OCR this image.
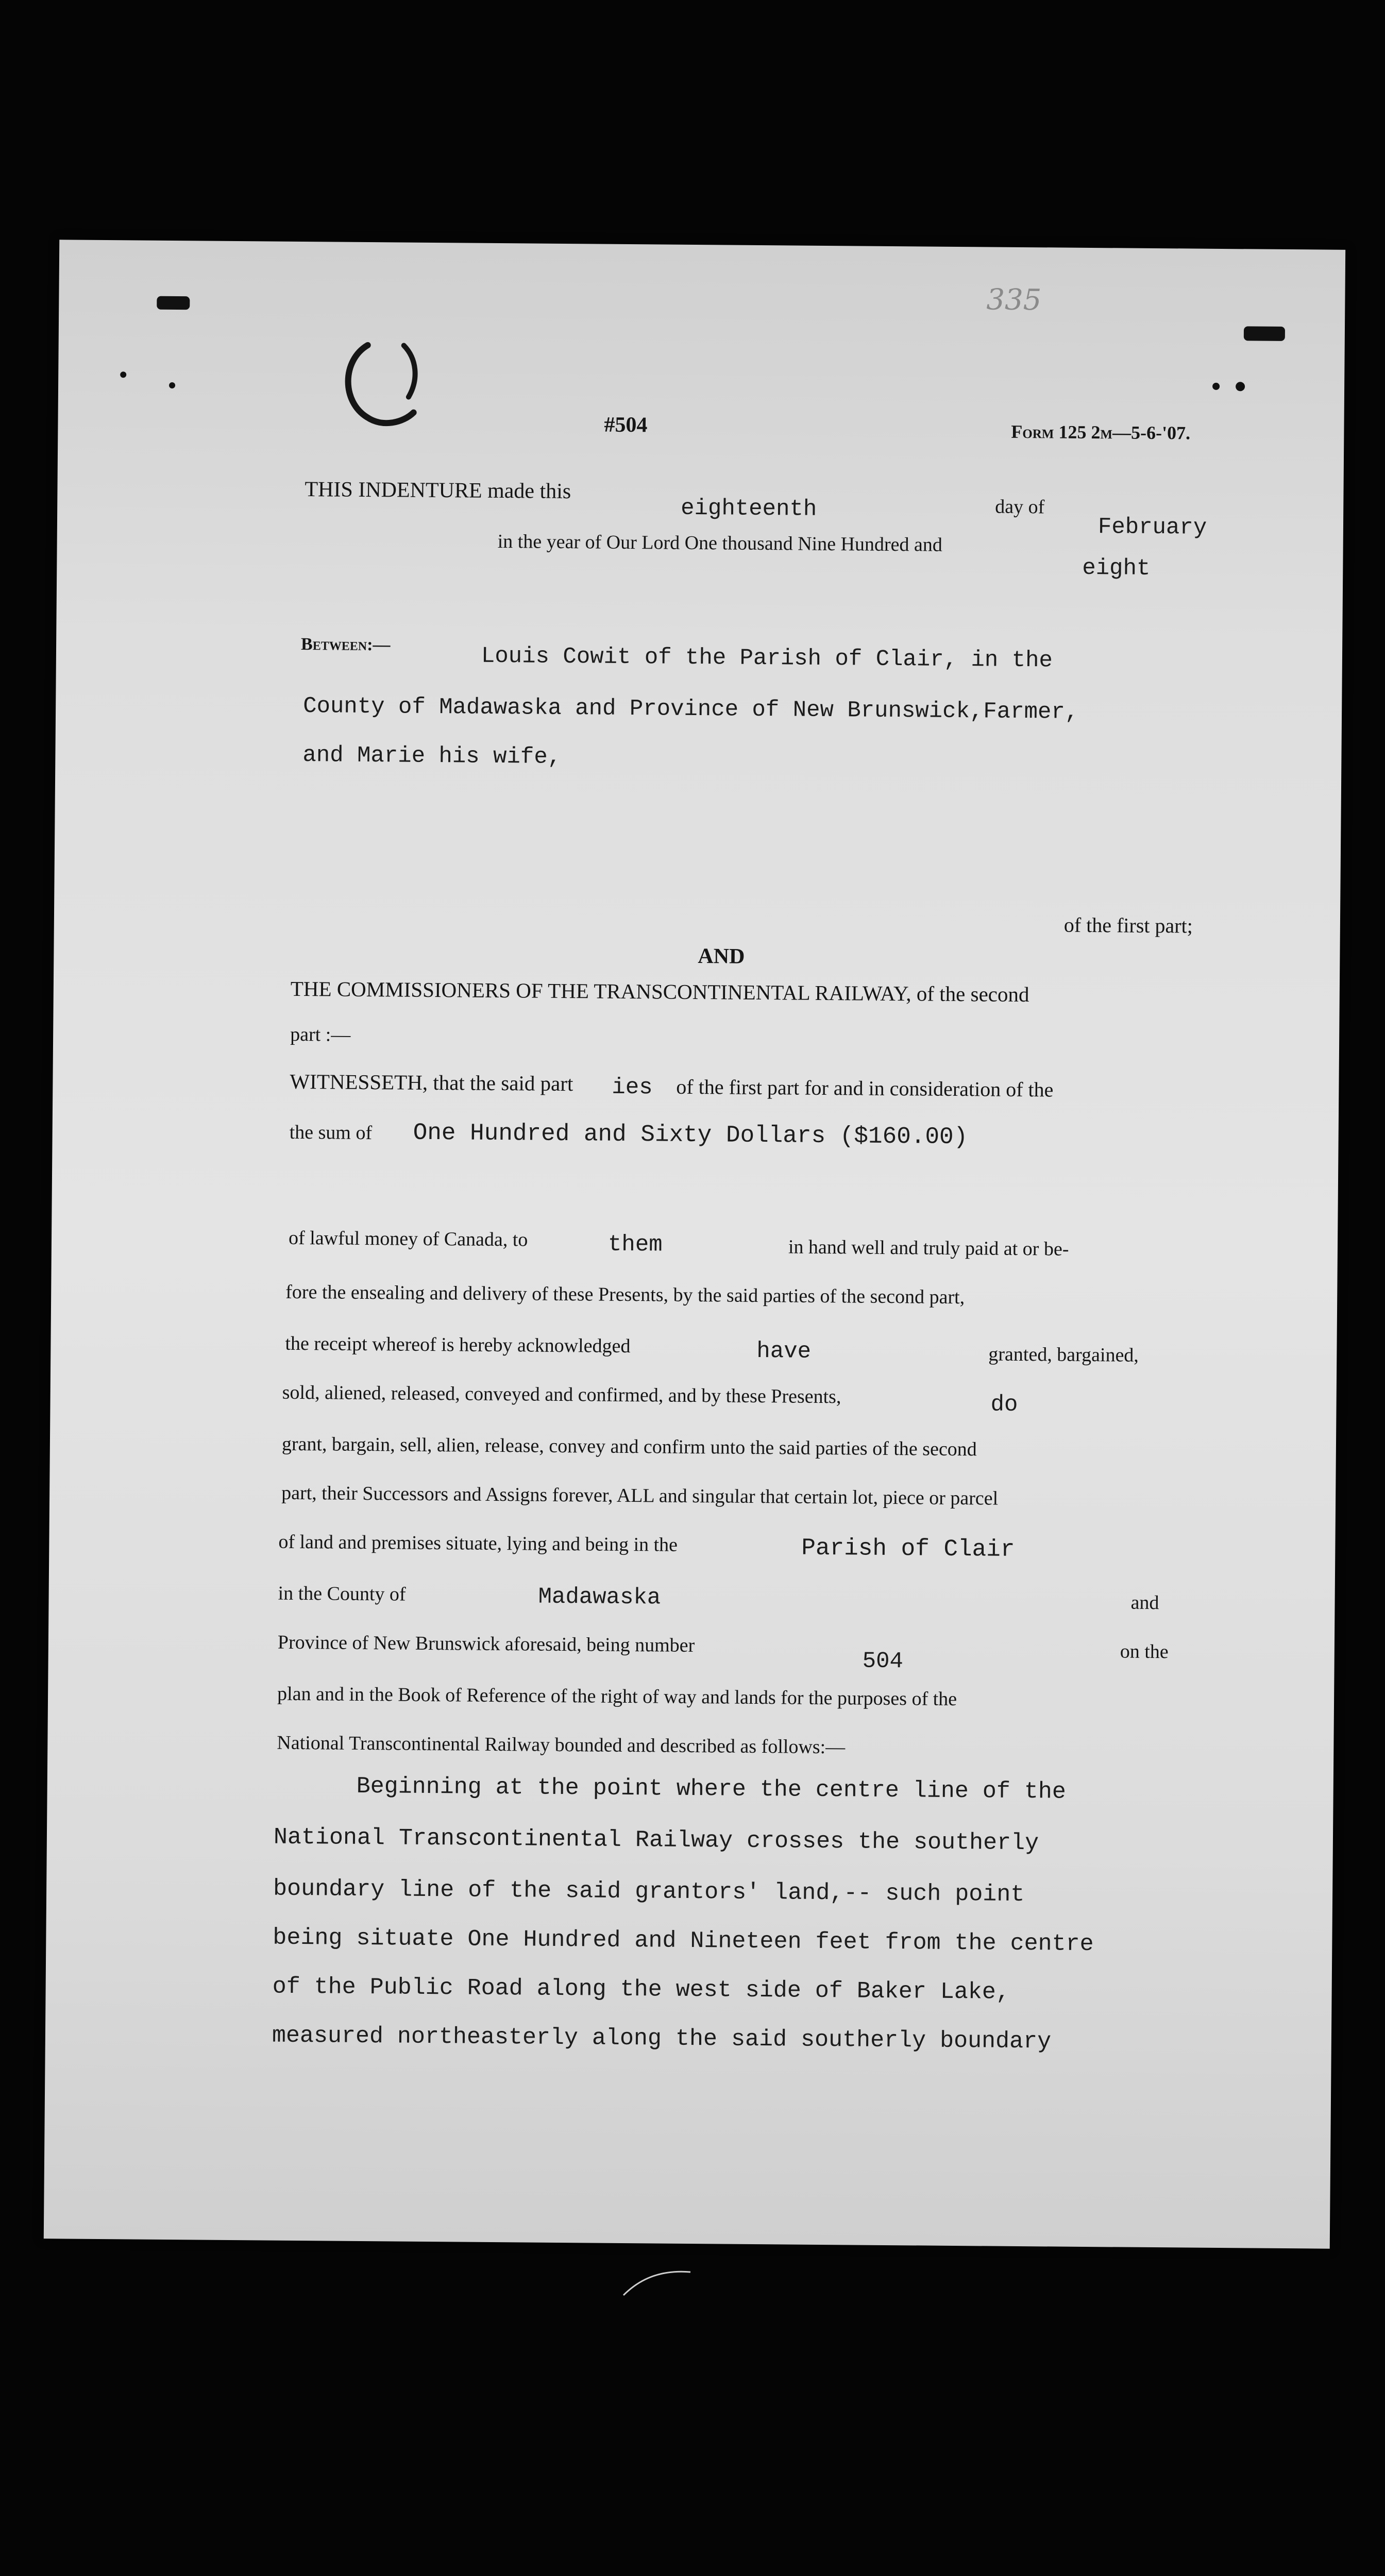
335
#504	Form 125 2m—5-6-'07.
THIS INDENTURE made this
eighteenth	day of
February
in the year of Our Lord One thousand Nine Hundred and
eight
Between:—	Louis Cowit of the Parish of Clair, in the
County of Madawaska and Province of New Brunswick,Farmer,
and Marie his wife,
of the first part;
AND
THE COMMISSIONERS OF THE TRANSCONTINENTAL RAILWAY, of the second
part :—
WITNESSETH, that the said part ies of the first part for and in consideration of the
the sum of One Hundred and Sixty Dollars ($160.00)
of lawful money of Canada, to	them	in hand well and truly paid at or be-
fore the ensealing and delivery of these Presents, by the said parties of the second part,
the receipt whereof is hereby acknowledged	have	granted, bargained,
sold, aliened, released, conveyed and confirmed, and by these Presents,	do
grant, bargain, sell, alien, release, convey and confirm unto the said parties of the second
part, their Successors and Assigns forever, ALL and singular that certain lot, piece or parcel
of land and premises situate, lying and being in the	Parish of Clair
in the County of	Madawaska	and
Province of New Brunswick aforesaid, being number
504	on the
plan and in the Book of Reference of the right of way and lands for the purposes of the
National Transcontinental Railway bounded and described as follows:—
Beginning at the point where the centre line of the
National Transcontinental Railway crosses the southerly
boundary line of the said grantors' land,-- such point
being situate One Hundred and Nineteen feet from the centre
of the Public Road along the west side of Baker Lake,
measured northeasterly along the said southerly boundary
